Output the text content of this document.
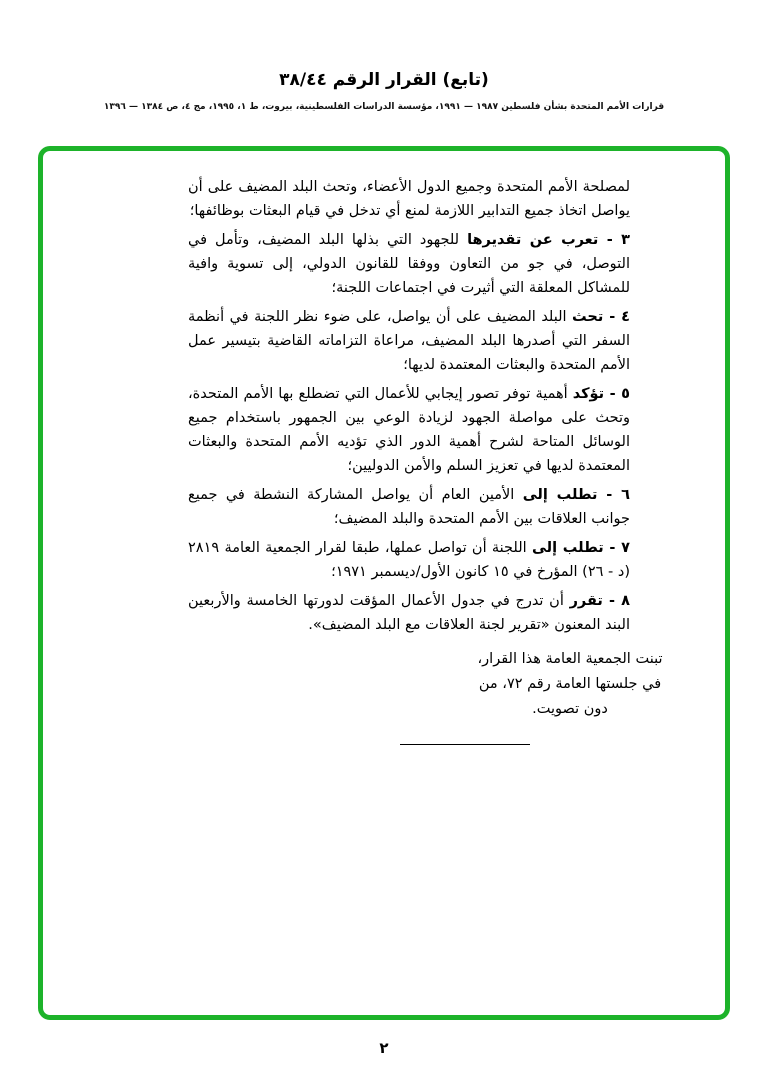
(تابع) القرار الرقم ٣٨/٤٤
قرارات الأمم المتحدة بشأن فلسطين ١٩٨٧ — ١٩٩١، مؤسسة الدراسات الفلسطينية، بيروت، ط ١، ١٩٩٥، مج ٤، ص ١٣٨٤ — ١٣٩٦

لمصلحة الأمم المتحدة وجميع الدول الأعضاء، وتحث البلد المضيف على أن يواصل اتخاذ جميع التدابير اللازمة لمنع أي تدخل في قيام البعثات بوظائفها؛

٣ - تعرب عن تقديرها للجهود التي بذلها البلد المضيف، وتأمل في التوصل، في جو من التعاون ووفقا للقانون الدولي، إلى تسوية وافية للمشاكل المعلقة التي أثيرت في اجتماعات اللجنة؛

٤ - تحث البلد المضيف على أن يواصل، على ضوء نظر اللجنة في أنظمة السفر التي أصدرها البلد المضيف، مراعاة التزاماته القاضية بتيسير عمل الأمم المتحدة والبعثات المعتمدة لديها؛

٥ - تؤكد أهمية توفر تصور إيجابي للأعمال التي تضطلع بها الأمم المتحدة، وتحث على مواصلة الجهود لزيادة الوعي بين الجمهور باستخدام جميع الوسائل المتاحة لشرح أهمية الدور الذي تؤديه الأمم المتحدة والبعثات المعتمدة لديها في تعزيز السلم والأمن الدوليين؛

٦ - تطلب إلى الأمين العام أن يواصل المشاركة النشطة في جميع جوانب العلاقات بين الأمم المتحدة والبلد المضيف؛

٧ - تطلب إلى اللجنة أن تواصل عملها، طبقا لقرار الجمعية العامة ٢٨١٩ (د - ٢٦) المؤرخ في ١٥ كانون الأول/ديسمبر ١٩٧١؛

٨ - تقرر أن تدرج في جدول الأعمال المؤقت لدورتها الخامسة والأربعين البند المعنون «تقرير لجنة العلاقات مع البلد المضيف».

تبنت الجمعية العامة هذا القرار،
في جلستها العامة رقم ٧٢، من
دون تصويت.
٢
